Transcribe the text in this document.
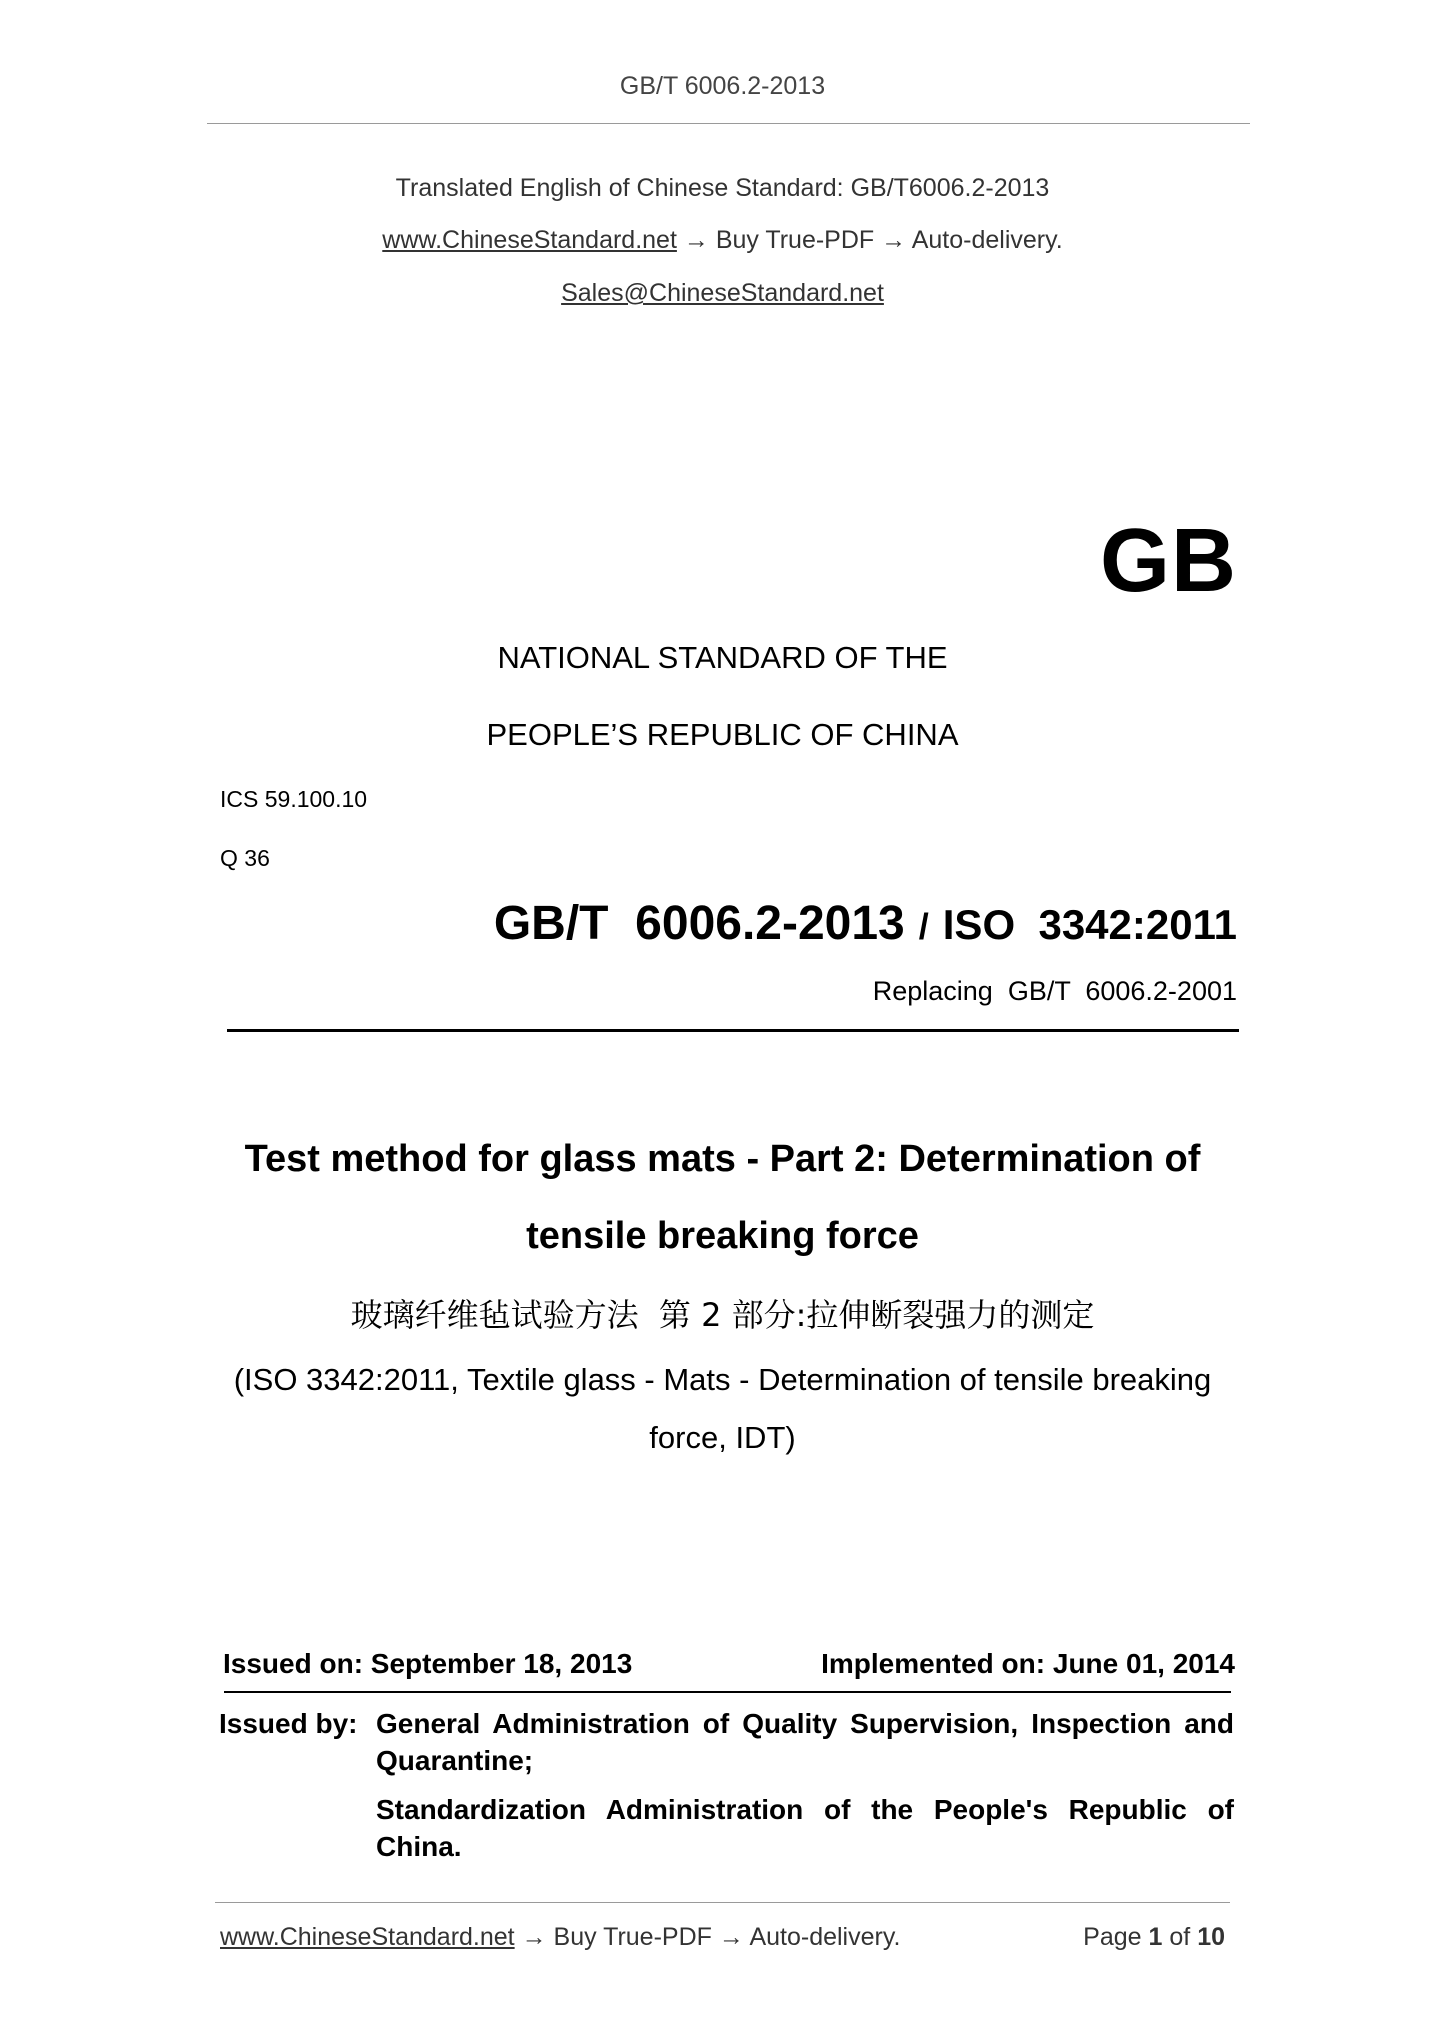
GB/T 6006.2-2013
Translated English of Chinese Standard: GB/T6006.2-2013
www.ChineseStandard.net → Buy True-PDF → Auto-delivery.
Sales@ChineseStandard.net
GB
NATIONAL STANDARD OF THE
PEOPLE’S REPUBLIC OF CHINA
ICS 59.100.10
Q 36
GB/T  6006.2-2013 / ISO  3342:2011
Replacing  GB/T  6006.2-2001
Test method for glass mats - Part 2: Determination of
tensile breaking force
玻璃纤维毡试验方法  第 2 部分:拉伸断裂强力的测定
(ISO 3342:2011, Textile glass - Mats - Determination of tensile breaking
force, IDT)
Issued on: September 18, 2013	Implemented on: June 01, 2014
Issued by: General Administration of Quality Supervision, Inspection and Quarantine;
Standardization Administration of the People's Republic of China.
www.ChineseStandard.net → Buy True-PDF → Auto-delivery.	Page 1 of 10
